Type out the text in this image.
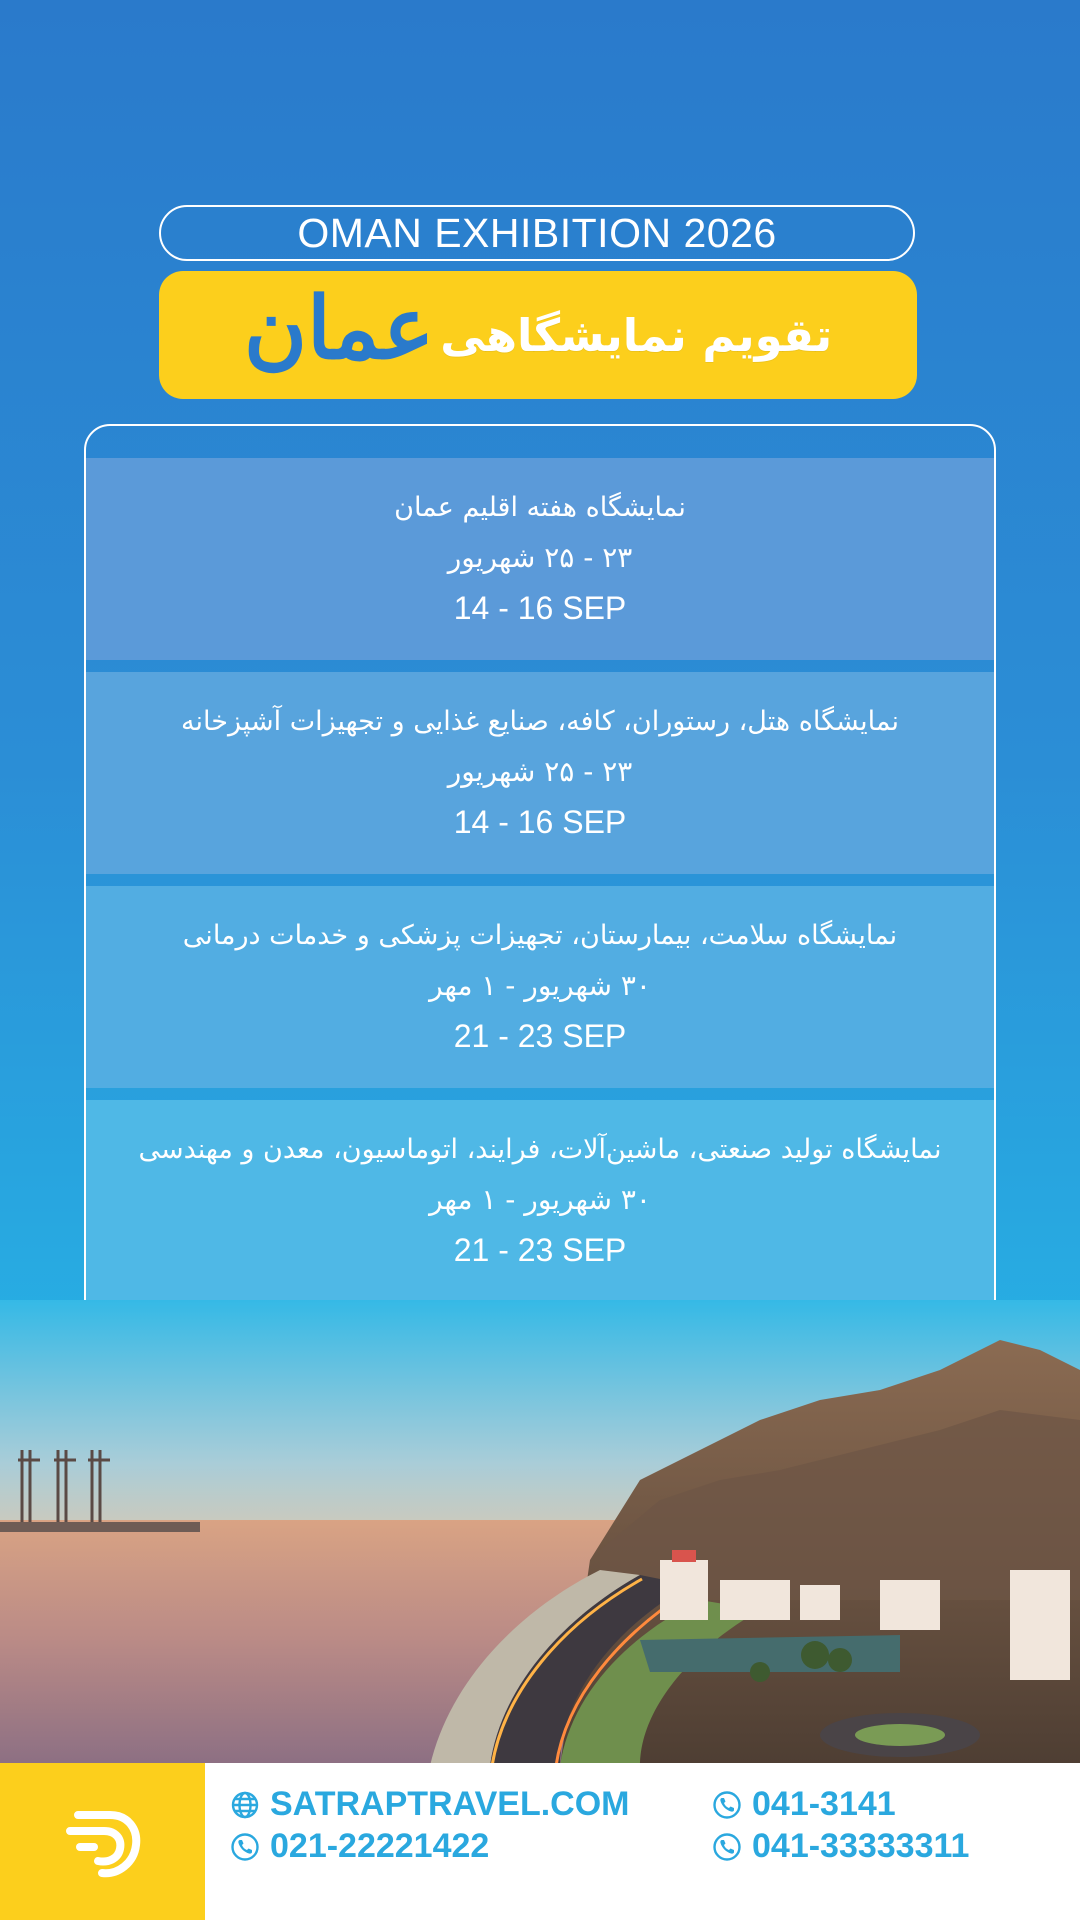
OMAN EXHIBITION 2026
عمان تقویم نمایشگاهی
نمایشگاه هفته اقلیم عمان
۲۳ - ۲۵ شهریور
14 - 16 SEP
نمایشگاه هتل، رستوران، کافه، صنایع غذایی و تجهیزات آشپزخانه
۲۳ - ۲۵ شهریور
14 - 16 SEP
نمایشگاه سلامت، بیمارستان، تجهیزات پزشکی و خدمات درمانی
۳۰ شهریور - ۱ مهر
21 - 23 SEP
نمایشگاه تولید صنعتی، ماشین‌آلات، فرایند، اتوماسیون، معدن و مهندسی
۳۰ شهریور - ۱ مهر
21 - 23 SEP
SATRAPTRAVEL.COM
021-22221422
041-3141
041-33333311
